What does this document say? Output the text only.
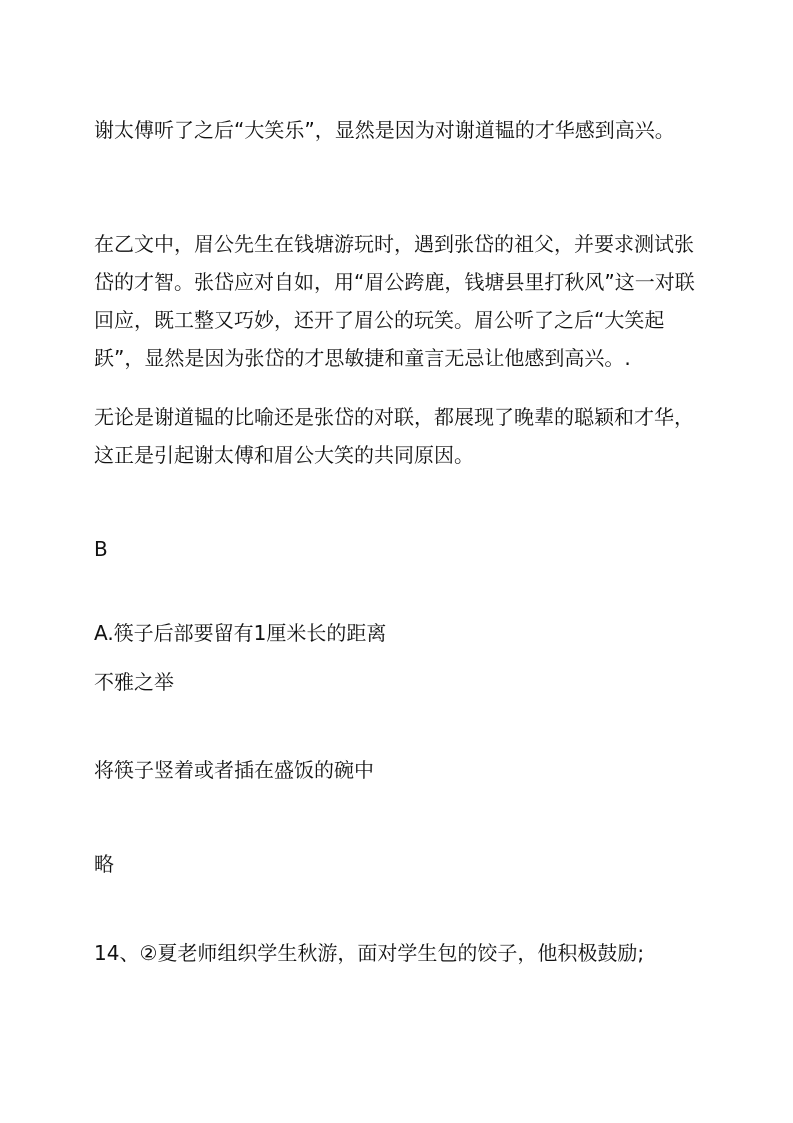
谢太傅听了之后“大笑乐”，显然是因为对谢道韫的才华感到高兴。

在乙文中，眉公先生在钱塘游玩时，遇到张岱的祖父，并要求测试张岱的才智。张岱应对自如，用“眉公跨鹿，钱塘县里打秋风”这一对联回应，既工整又巧妙，还开了眉公的玩笑。眉公听了之后“大笑起跃”，显然是因为张岱的才思敏捷和童言无忌让他感到高兴。.

无论是谢道韫的比喻还是张岱的对联，都展现了晚辈的聪颖和才华，这正是引起谢太傅和眉公大笑的共同原因。

B

A.筷子后部要留有1厘米长的距离

不雅之举

将筷子竖着或者插在盛饭的碗中

略

14、②夏老师组织学生秋游，面对学生包的饺子，他积极鼓励;
